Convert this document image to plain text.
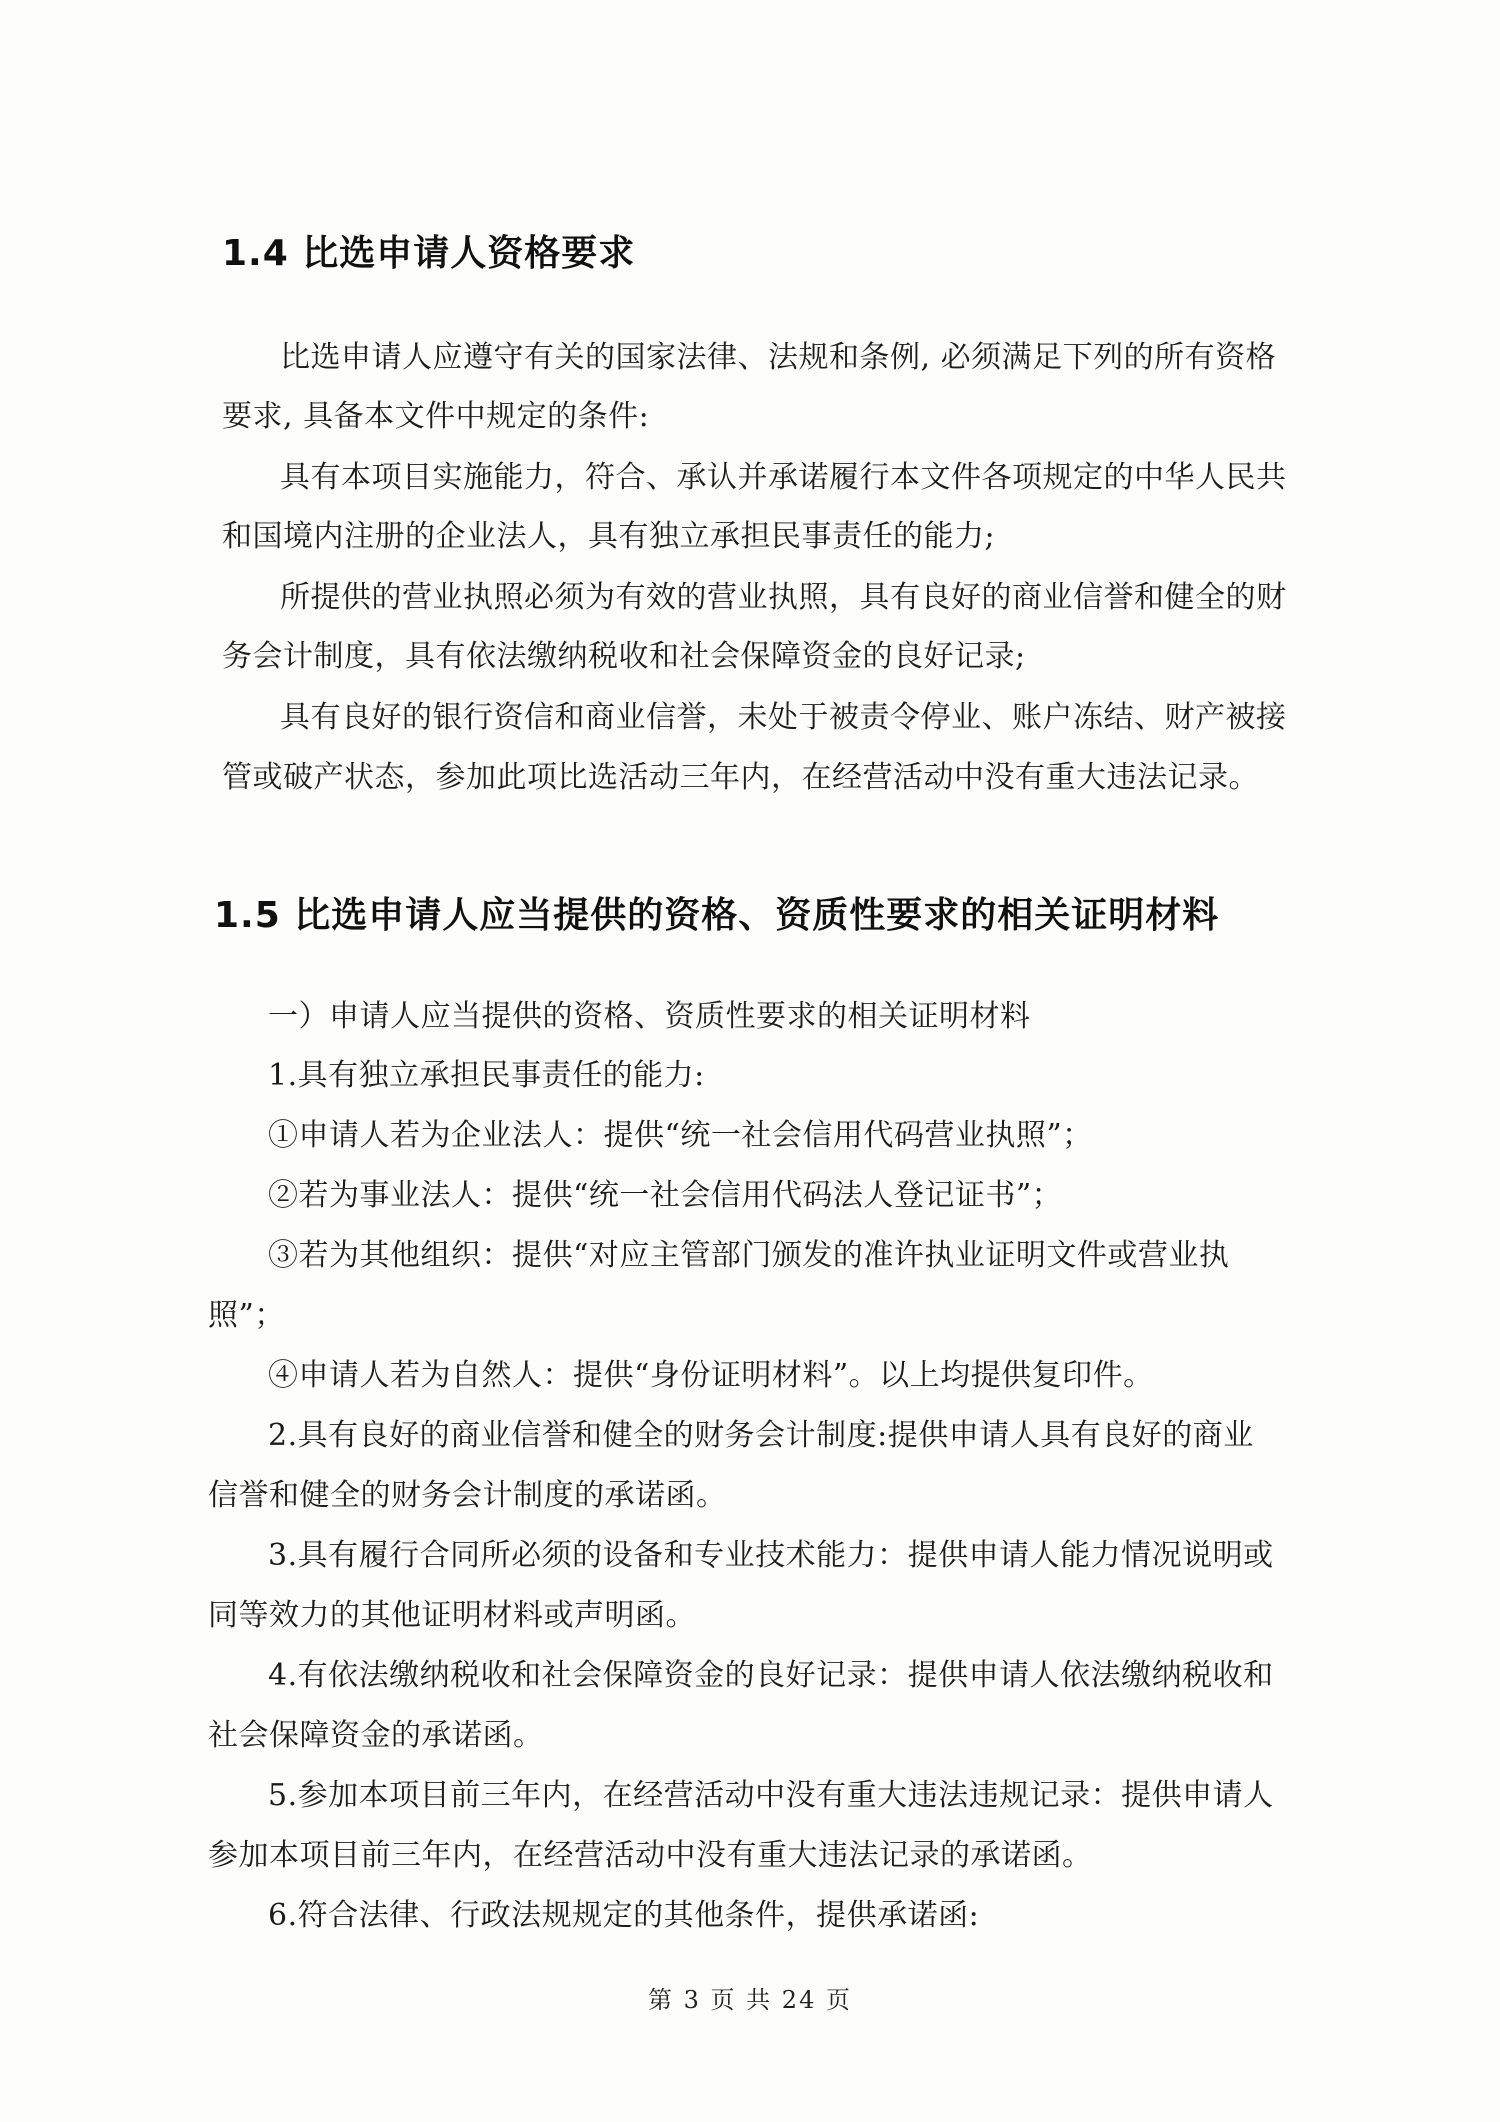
1.4 比选申请人资格要求
比选申请人应遵守有关的国家法律、法规和条例, 必须满足下列的所有资格
要求, 具备本文件中规定的条件:
具有本项目实施能力，符合、承认并承诺履行本文件各项规定的中华人民共
和国境内注册的企业法人，具有独立承担民事责任的能力;
所提供的营业执照必须为有效的营业执照，具有良好的商业信誉和健全的财
务会计制度，具有依法缴纳税收和社会保障资金的良好记录;
具有良好的银行资信和商业信誉，未处于被责令停业、账户冻结、财产被接
管或破产状态，参加此项比选活动三年内，在经营活动中没有重大违法记录。
1.5 比选申请人应当提供的资格、资质性要求的相关证明材料
一）申请人应当提供的资格、资质性要求的相关证明材料
1.具有独立承担民事责任的能力:
①申请人若为企业法人：提供“统一社会信用代码营业执照”；
②若为事业法人：提供“统一社会信用代码法人登记证书”；
③若为其他组织：提供“对应主管部门颁发的准许执业证明文件或营业执
照”；
④申请人若为自然人：提供“身份证明材料”。以上均提供复印件。
2.具有良好的商业信誉和健全的财务会计制度:提供申请人具有良好的商业
信誉和健全的财务会计制度的承诺函。
3.具有履行合同所必须的设备和专业技术能力：提供申请人能力情况说明或
同等效力的其他证明材料或声明函。
4.有依法缴纳税收和社会保障资金的良好记录：提供申请人依法缴纳税收和
社会保障资金的承诺函。
5.参加本项目前三年内，在经营活动中没有重大违法违规记录：提供申请人
参加本项目前三年内，在经营活动中没有重大违法记录的承诺函。
6.符合法律、行政法规规定的其他条件，提供承诺函:
第 3 页 共 24 页
